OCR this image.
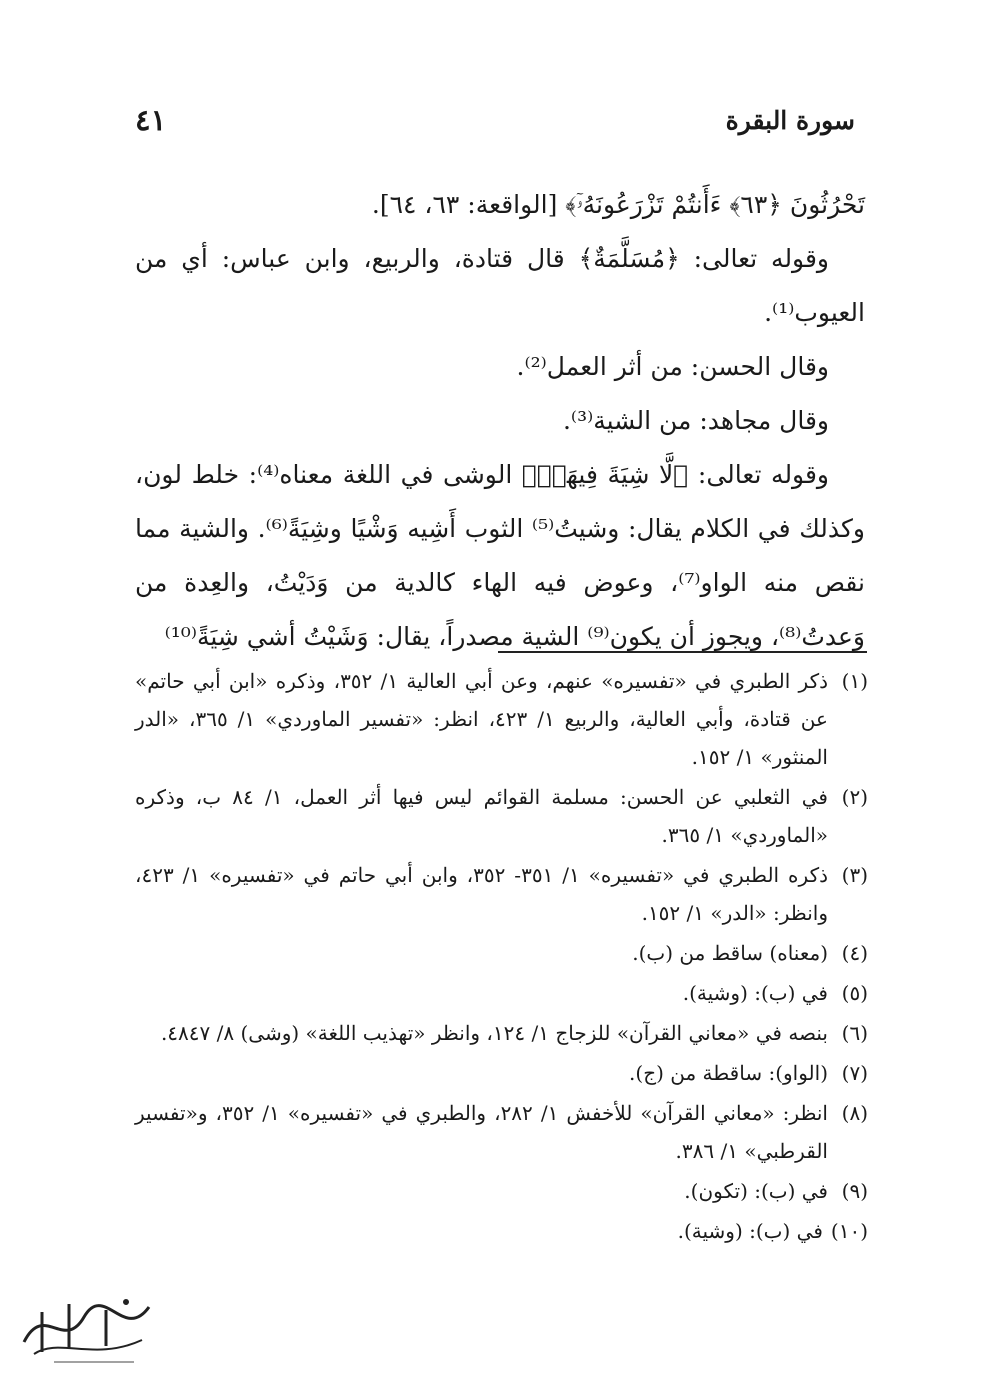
سورة البقرة
٤١

تَحْرُثُونَ ﴿٦٣﴾ ءَأَنتُمْ تَزْرَعُونَهُۥٓ﴾ [الواقعة: ٦٣، ٦٤].

وقوله تعالى: ﴿مُسَلَّمَةٌ﴾ قال قتادة، والربيع، وابن عباس: أي من العيوب⁽¹⁾.

وقال الحسن: من أثر العمل⁽²⁾.

وقال مجاهد: من الشية⁽³⁾.

وقوله تعالى: ﴿لَّا شِيَةَ فِيهَاۚ﴾ الوشى في اللغة معناه⁽⁴⁾: خلط لون، وكذلك في الكلام يقال: وشيتُ⁽⁵⁾ الثوب أَشِيه وَشْيًا وشِيَةً⁽⁶⁾. والشية مما نقص منه الواو⁽⁷⁾، وعوض فيه الهاء كالدية من وَدَيْتُ، والعِدة من وَعدتُ⁽⁸⁾، ويجوز أن يكون⁽⁹⁾ الشية مصدراً، يقال: وَشَيْتُ أشي شِيَةً⁽¹⁰⁾

(١)
ذكر الطبري في «تفسيره» عنهم، وعن أبي العالية ١/ ٣٥٢، وذكره «ابن أبي حاتم» عن قتادة، وأبي العالية، والربيع ١/ ٤٢٣، انظر: «تفسير الماوردي» ١/ ٣٦٥، «الدر المنثور» ١/ ١٥٢.
(٢)
في الثعلبي عن الحسن: مسلمة القوائم ليس فيها أثر العمل، ١/ ٨٤ ب، وذكره «الماوردي» ١/ ٣٦٥.
(٣)
ذكره الطبري في «تفسيره» ١/ ٣٥١- ٣٥٢، وابن أبي حاتم في «تفسيره» ١/ ٤٢٣، وانظر: «الدر» ١/ ١٥٢.
(٤)
(معناه) ساقط من (ب).
(٥)
في (ب): (وشية).
(٦)
بنصه في «معاني القرآن» للزجاج ١/ ١٢٤، وانظر «تهذيب اللغة» (وشى) ٨/ ٤٨٤٧.
(٧)
(الواو): ساقطة من (ج).
(٨)
انظر: «معاني القرآن» للأخفش ١/ ٢٨٢، والطبري في «تفسيره» ١/ ٣٥٢، و«تفسير القرطبي» ١/ ٣٨٦.
(٩)
في (ب): (تكون).
(١٠)
في (ب): (وشية).
